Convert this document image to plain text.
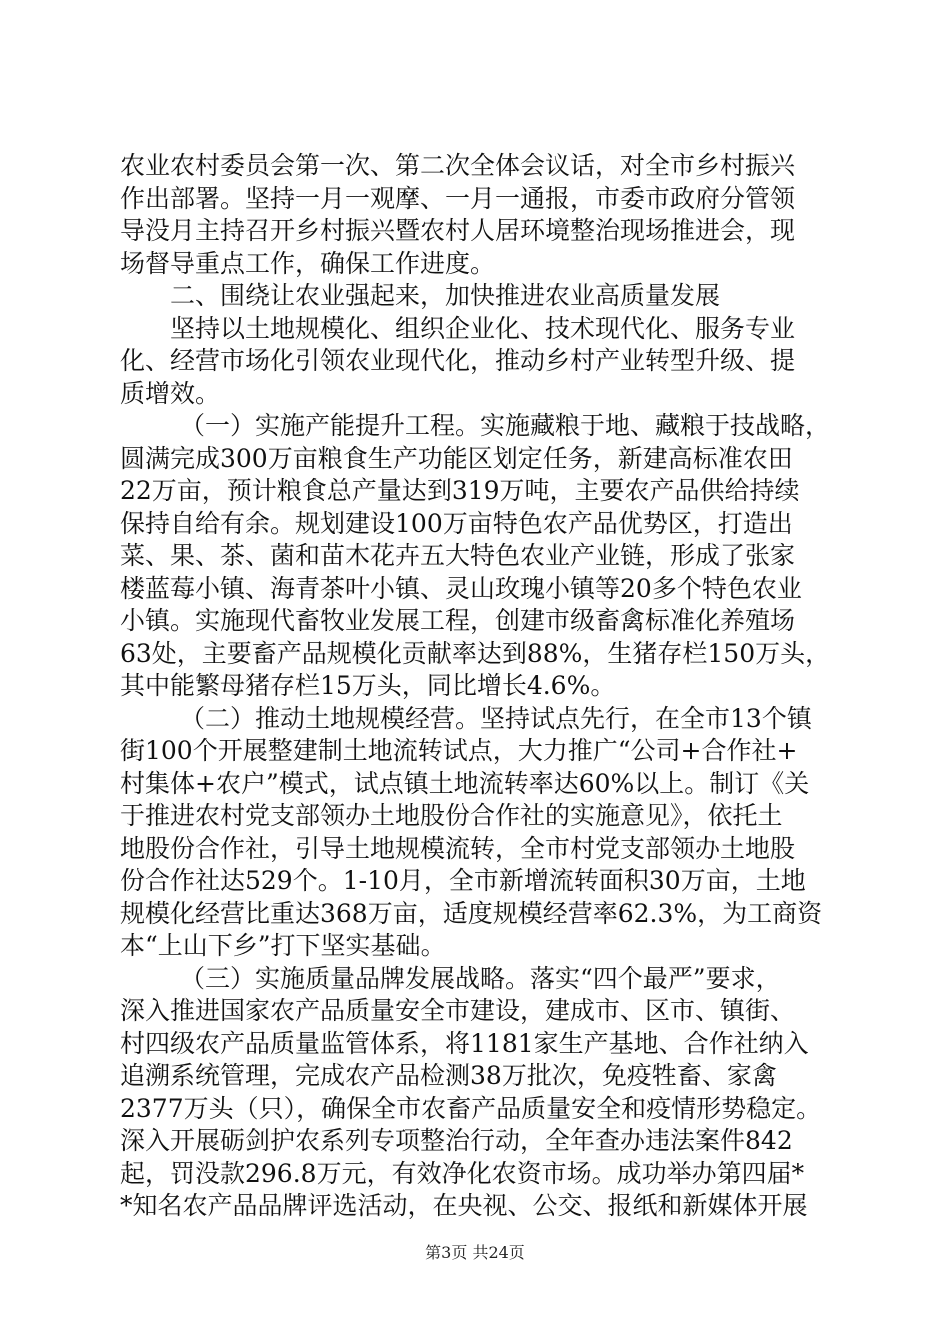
农业农村委员会第一次、第二次全体会议话，对全市乡村振兴
作出部署。坚持一月一观摩、一月一通报，市委市政府分管领
导没月主持召开乡村振兴暨农村人居环境整治现场推进会，现
场督导重点工作，确保工作进度。
二、围绕让农业强起来，加快推进农业高质量发展
坚持以土地规模化、组织企业化、技术现代化、服务专业
化、经营市场化引领农业现代化，推动乡村产业转型升级、提
质增效。
（一）实施产能提升工程。实施藏粮于地、藏粮于技战略，
圆满完成300万亩粮食生产功能区划定任务，新建高标准农田
22万亩，预计粮食总产量达到319万吨，主要农产品供给持续
保持自给有余。规划建设100万亩特色农产品优势区，打造出
菜、果、茶、菌和苗木花卉五大特色农业产业链，形成了张家
楼蓝莓小镇、海青茶叶小镇、灵山玫瑰小镇等20多个特色农业
小镇。实施现代畜牧业发展工程，创建市级畜禽标准化养殖场
63处，主要畜产品规模化贡献率达到88%，生猪存栏150万头，
其中能繁母猪存栏15万头，同比增长4.6%。
（二）推动土地规模经营。坚持试点先行，在全市13个镇
街100个开展整建制土地流转试点，大力推广“公司+合作社+
村集体+农户”模式，试点镇土地流转率达60%以上。制订《关
于推进农村党支部领办土地股份合作社的实施意见》，依托土
地股份合作社，引导土地规模流转，全市村党支部领办土地股
份合作社达529个。1-10月，全市新增流转面积30万亩，土地
规模化经营比重达368万亩，适度规模经营率62.3%，为工商资
本“上山下乡”打下坚实基础。
（三）实施质量品牌发展战略。落实“四个最严”要求，
深入推进国家农产品质量安全市建设，建成市、区市、镇街、
村四级农产品质量监管体系，将1181家生产基地、合作社纳入
追溯系统管理，完成农产品检测38万批次，免疫牲畜、家禽
2377万头（只），确保全市农畜产品质量安全和疫情形势稳定。
深入开展砺剑护农系列专项整治行动，全年查办违法案件842
起，罚没款296.8万元，有效净化农资市场。成功举办第四届*
*知名农产品品牌评选活动，在央视、公交、报纸和新媒体开展
第3页 共24页
